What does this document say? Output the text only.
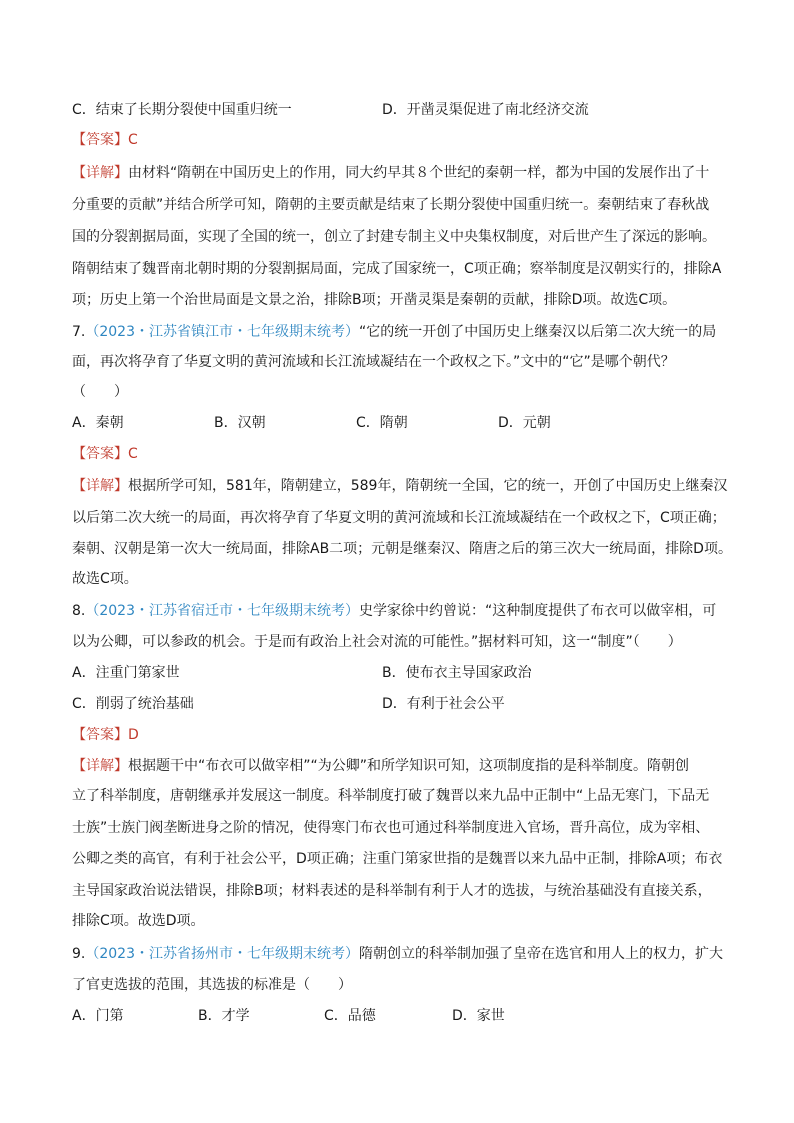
C．结束了长期分裂使中国重归统一	D．开凿灵渠促进了南北经济交流
【答案】C
【详解】由材料“隋朝在中国历史上的作用，同大约早其８个世纪的秦朝一样，都为中国的发展作出了十
分重要的贡献”并结合所学可知，隋朝的主要贡献是结束了长期分裂使中国重归统一。秦朝结束了春秋战
国的分裂割据局面，实现了全国的统一，创立了封建专制主义中央集权制度，对后世产生了深远的影响。
隋朝结束了魏晋南北朝时期的分裂割据局面，完成了国家统一，C项正确；察举制度是汉朝实行的，排除A
项；历史上第一个治世局面是文景之治，排除B项；开凿灵渠是秦朝的贡献，排除D项。故选C项。
7.（2023・江苏省镇江市・七年级期末统考）“它的统一开创了中国历史上继秦汉以后第二次大统一的局
面，再次将孕育了华夏文明的黄河流域和长江流域凝结在一个政权之下。”文中的“它”是哪个朝代？
（　　）
A．秦朝	B．汉朝	C．隋朝	D．元朝
【答案】C
【详解】根据所学可知，581年，隋朝建立，589年，隋朝统一全国，它的统一，开创了中国历史上继秦汉
以后第二次大统一的局面，再次将孕育了华夏文明的黄河流域和长江流域凝结在一个政权之下，C项正确；
秦朝、汉朝是第一次大一统局面，排除AB二项；元朝是继秦汉、隋唐之后的第三次大一统局面，排除D项。
故选C项。
8.（2023・江苏省宿迁市・七年级期末统考）史学家徐中约曾说：“这种制度提供了布衣可以做宰相，可
以为公卿，可以参政的机会。于是而有政治上社会对流的可能性。”据材料可知，这一“制度”（　　）
A．注重门第家世	B．使布衣主导国家政治
C．削弱了统治基础	D．有利于社会公平
【答案】D
【详解】根据题干中“布衣可以做宰相”“为公卿”和所学知识可知，这项制度指的是科举制度。隋朝创
立了科举制度，唐朝继承并发展这一制度。科举制度打破了魏晋以来九品中正制中“上品无寒门，下品无
士族”士族门阀垄断进身之阶的情况，使得寒门布衣也可通过科举制度进入官场，晋升高位，成为宰相、
公卿之类的高官，有利于社会公平，D项正确；注重门第家世指的是魏晋以来九品中正制，排除A项；布衣
主导国家政治说法错误，排除B项；材料表述的是科举制有利于人才的选拔，与统治基础没有直接关系，
排除C项。故选D项。
9.（2023・江苏省扬州市・七年级期末统考）隋朝创立的科举制加强了皇帝在选官和用人上的权力，扩大
了官吏选拔的范围，其选拔的标准是（　　）
A．门第	B．才学	C．品德	D．家世
